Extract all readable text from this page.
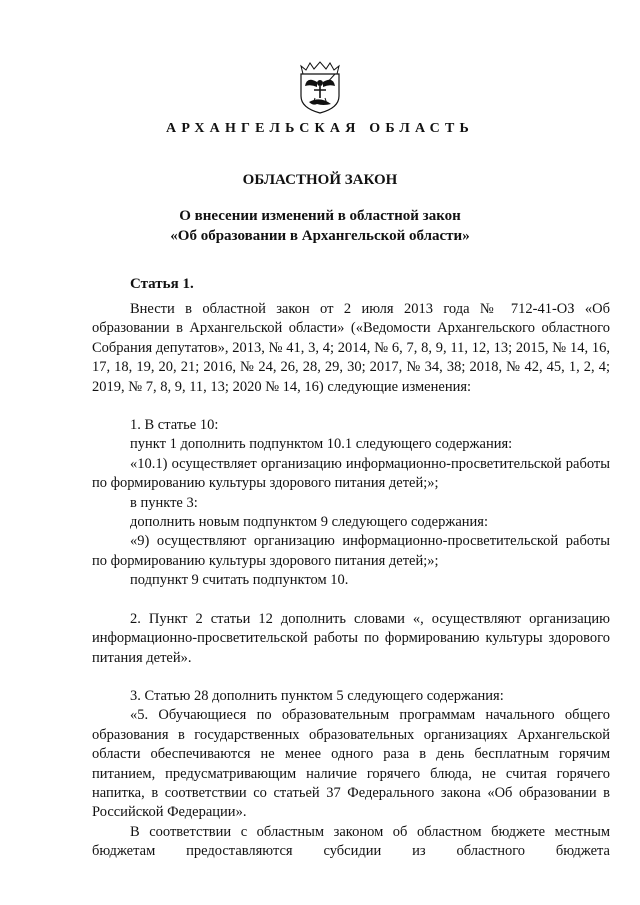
АРХАНГЕЛЬСКАЯ ОБЛАСТЬ
ОБЛАСТНОЙ ЗАКОН
О внесении изменений в областной закон
«Об образовании в Архангельской области»
Статья 1.

Внести в областной закон от 2 июля 2013 года № 712-41-ОЗ «Об образовании в Архангельской области» («Ведомости Архангельского областного Собрания депутатов», 2013, № 41, 3, 4; 2014, № 6, 7, 8, 9, 11, 12, 13; 2015, № 14, 16, 17, 18, 19, 20, 21; 2016, № 24, 26, 28, 29, 30; 2017, № 34, 38; 2018, № 42, 45, 1, 2, 4; 2019, № 7, 8, 9, 11, 13; 2020 № 14, 16) следующие изменения:

1. В статье 10:

пункт 1 дополнить подпунктом 10.1 следующего содержания:

«10.1) осуществляет организацию информационно-просветительской работы по формированию культуры здорового питания детей;»;

в пункте 3:

дополнить новым подпунктом 9 следующего содержания:

«9) осуществляют организацию информационно-просветительской работы по формированию культуры здорового питания детей;»;

подпункт 9 считать подпунктом 10.

2. Пункт 2 статьи 12 дополнить словами «, осуществляют организацию информационно-просветительской работы по формированию культуры здорового питания детей».

3. Статью 28 дополнить пунктом 5 следующего содержания:

«5. Обучающиеся по образовательным программам начального общего образования в государственных образовательных организациях Архангельской области обеспечиваются не менее одного раза в день бесплатным горячим питанием, предусматривающим наличие горячего блюда, не считая горячего напитка, в соответствии со статьей 37 Федерального закона «Об образовании в Российской Федерации».

В соответствии с областным законом об областном бюджете местным бюджетам предоставляются субсидии из областного бюджета
